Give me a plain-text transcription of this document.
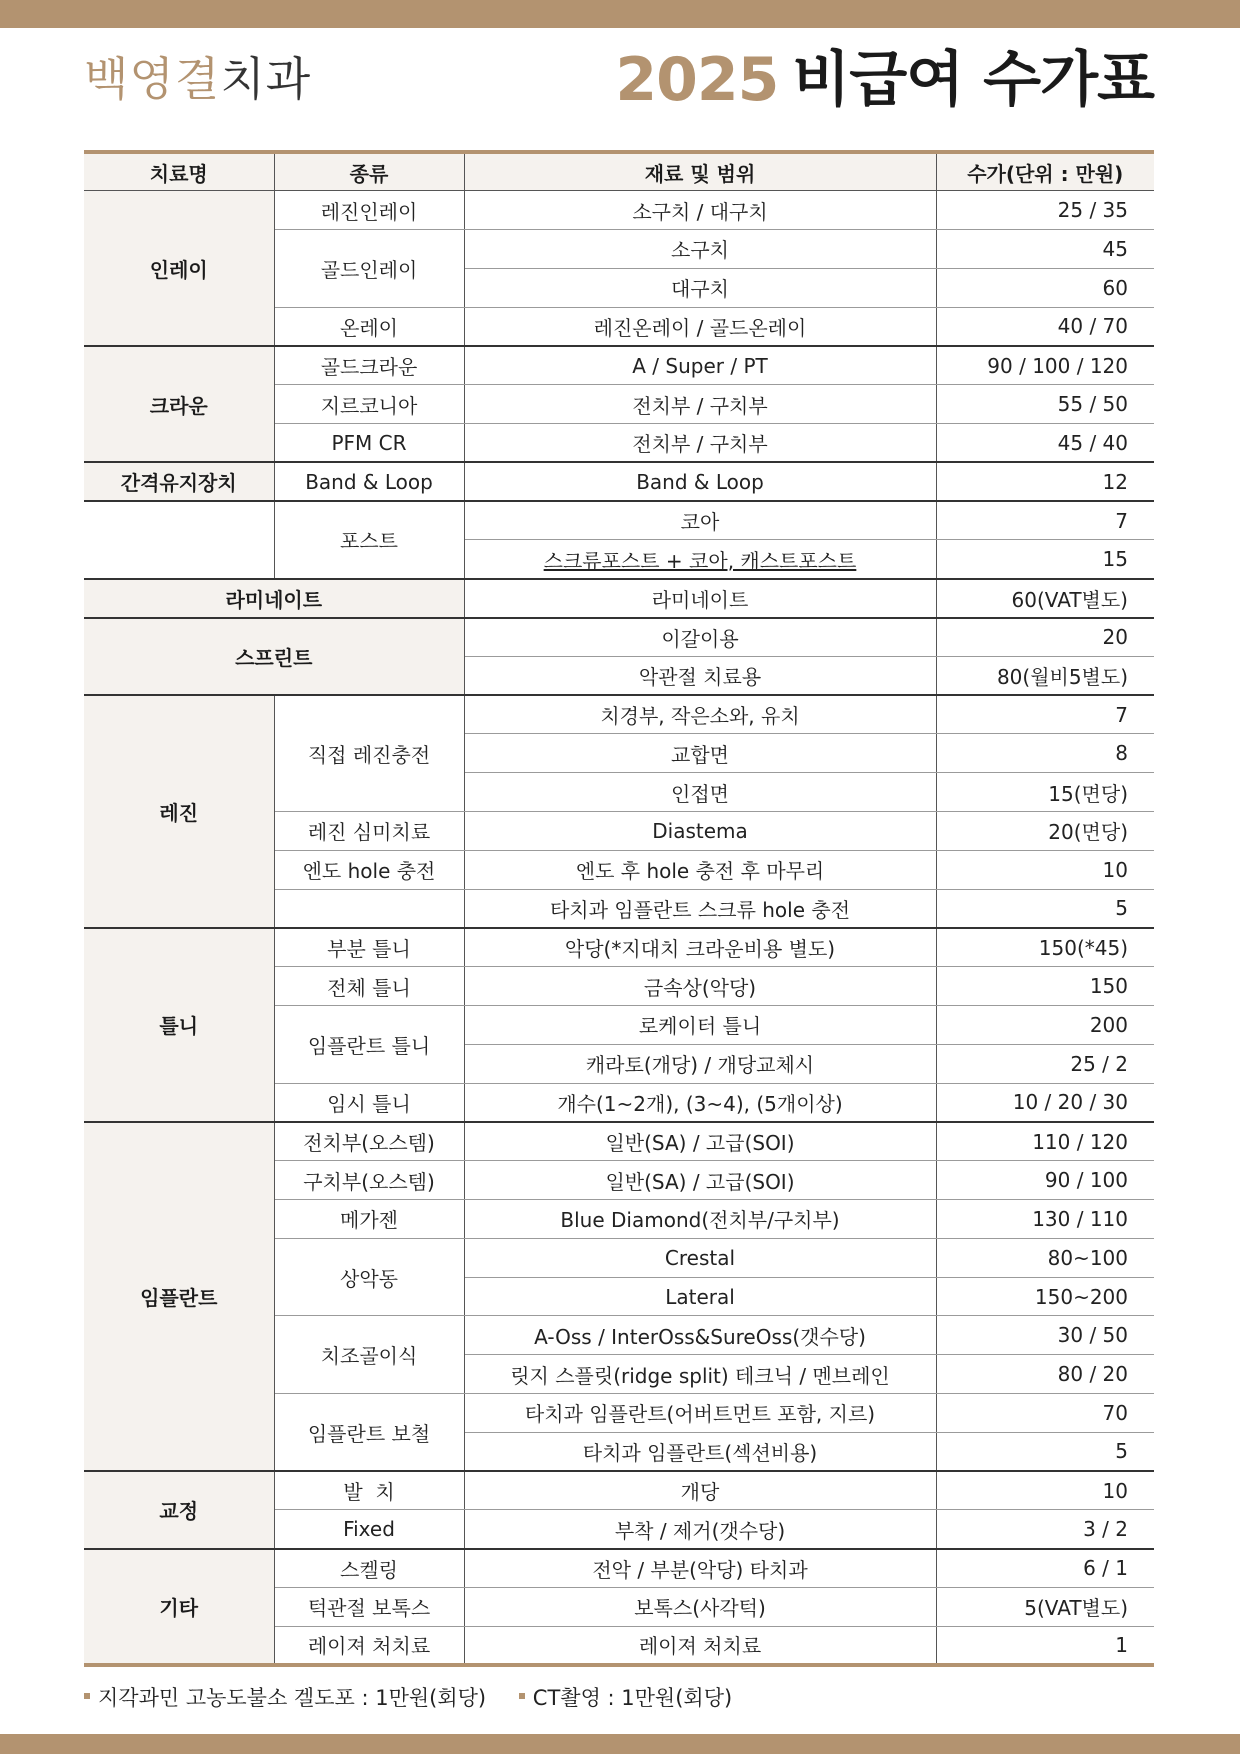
백영결치과	2025 비급여 수가표
치료명	종류	재료 및 범위	수가(단위 : 만원)
인레이	레진인레이	소구치 / 대구치	25 / 35
	골드인레이	소구치	45
		대구치	60
	온레이	레진온레이 / 골드온레이	40 / 70
크라운	골드크라운	A / Super / PT	90 / 100 / 120
	지르코니아	전치부 / 구치부	55 / 50
	PFM CR	전치부 / 구치부	45 / 40
간격유지장치	Band & Loop	Band & Loop	12
	포스트	코아	7
		스크류포스트 + 코아, 캐스트포스트	15
라미네이트		라미네이트	60(VAT별도)
스프린트		이갈이용	20
		악관절 치료용	80(월비5별도)
레진	직접 레진충전	치경부, 작은소와, 유치	7
		교합면	8
		인접면	15(면당)
	레진 심미치료	Diastema	20(면당)
	엔도 hole 충전	엔도 후 hole 충전 후 마무리	10
		타치과 임플란트 스크류 hole 충전	5
틀니	부분 틀니	악당(*지대치 크라운비용 별도)	150(*45)
	전체 틀니	금속상(악당)	150
	임플란트 틀니	로케이터 틀니	200
		캐라토(개당) / 개당교체시	25 / 2
	임시 틀니	개수(1~2개), (3~4), (5개이상)	10 / 20 / 30
임플란트	전치부(오스템)	일반(SA) / 고급(SOI)	110 / 120
	구치부(오스템)	일반(SA) / 고급(SOI)	90 / 100
	메가젠	Blue Diamond(전치부/구치부)	130 / 110
	상악동	Crestal	80~100
		Lateral	150~200
	치조골이식	A-Oss / InterOss&SureOss(갯수당)	30 / 50
		릿지 스플릿(ridge split) 테크닉 / 멘브레인	80 / 20
	임플란트 보철	타치과 임플란트(어버트먼트 포함, 지르)	70
		타치과 임플란트(섹션비용)	5
교정	발  치	개당	10
	Fixed	부착 / 제거(갯수당)	3 / 2
기타	스켈링	전악 / 부분(악당) 타치과	6 / 1
	턱관절 보톡스	보톡스(사각턱)	5(VAT별도)
	레이져 처치료	레이져 처치료	1
지각과민 고농도불소 겔도포 : 1만원(회당) CT촬영 : 1만원(회당)
